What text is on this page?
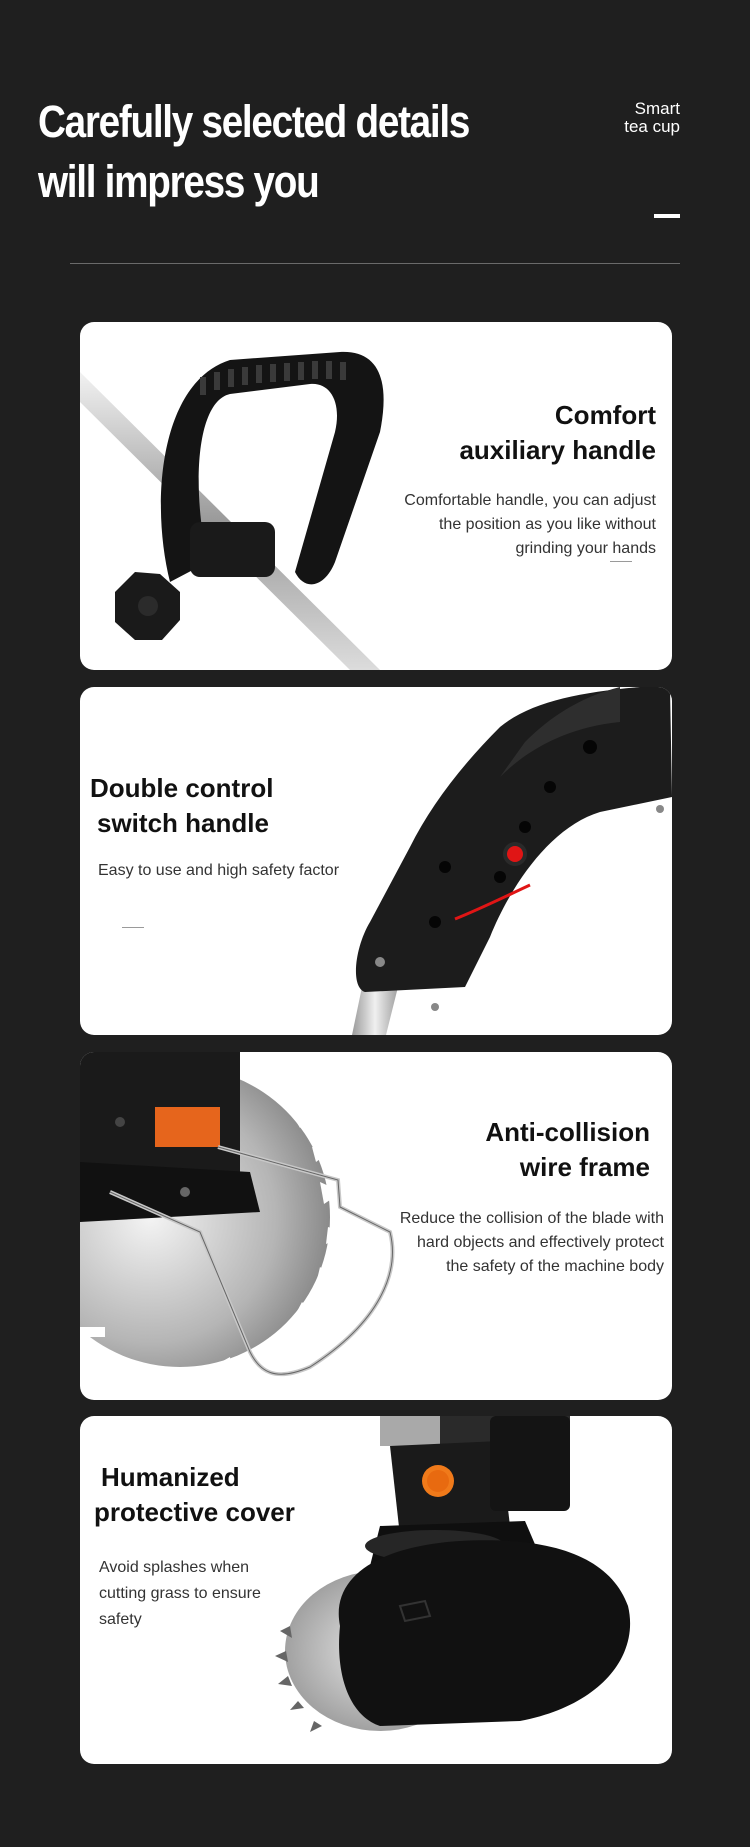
Carefully selected details will impress you
Smart
tea cup
Comfort
auxiliary handle
Comfortable handle, you can adjust
the position as you like without
grinding your hands
Double control
switch handle
Easy to use and high safety factor
Anti-collision
wire frame
Reduce the collision of the blade with
hard objects and effectively protect
the safety of the machine body
Humanized
protective cover
Avoid splashes when
cutting grass to ensure
safety
